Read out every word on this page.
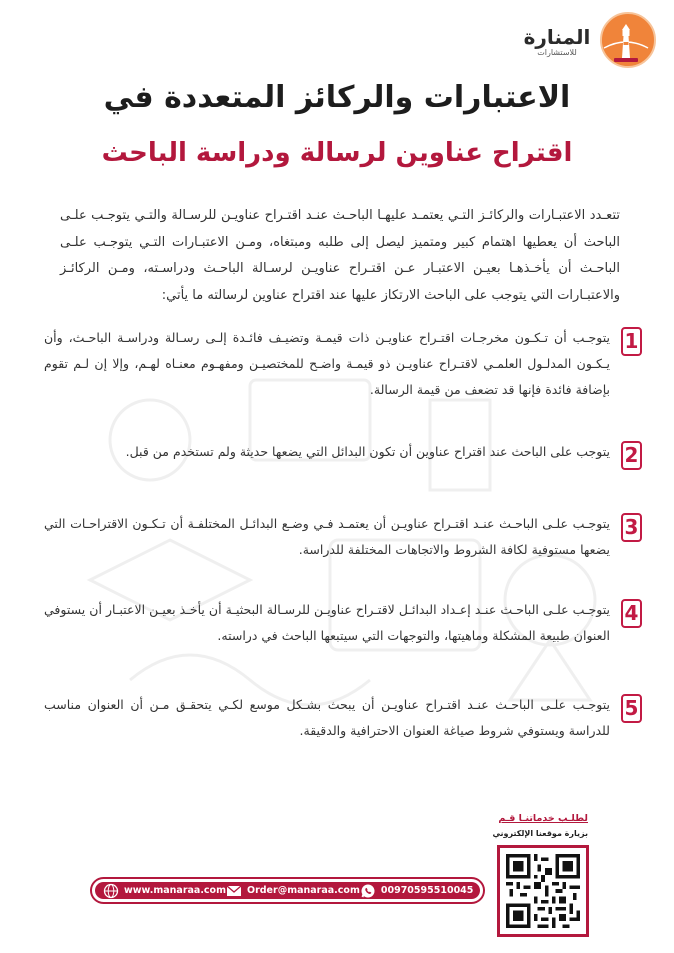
المنارة
للاستشارات
الاعتبارات والركائز المتعددة في
اقتراح عناوين لرسالة ودراسة الباحث

تتعـدد الاعتبـارات والركائـز التـي يعتمـد عليهـا الباحـث عنـد اقتـراح عناويـن للرسـالة والتـي يتوجـب علـى الباحث أن يعطيها اهتمام كبير ومتميز ليصل إلى طلبه ومبتغاه، ومـن الاعتبـارات التـي يتوجـب علـى الباحـث أن يأخـذهـا بعيـن الاعتبـار عـن اقتـراح عناويـن لرسـالة الباحـث ودراسـته، ومـن الركائـز والاعتبـارات التي يتوجب على الباحث الارتكاز عليها عند اقتراح عناوين لرسالته ما يأتي:

1

يتوجـب أن تـكـون مخرجـات اقتـراح عناويـن ذات قيمـة وتضيـف فائـدة إلـى رسـالة ودراسـة الباحـث، وأن يـكـون المدلـول العلمـي لاقتـراح عناويـن ذو قيمـة واضـح للمختصيـن ومفهـوم معنـاه لهـم، وإلا إن لـم تقوم بإضافة فائدة فإنها قد تضعف من قيمة الرسالة.

2

يتوجب على الباحث عند اقتراح عناوين أن تكون البدائل التي يضعها حديثة ولم تستخدم من قبل.

3

يتوجـب علـى الباحـث عنـد اقتـراح عناويـن أن يعتمـد فـي وضـع البدائـل المختلفـة أن تـكـون الاقتراحـات التي يضعها مستوفية لكافة الشروط والاتجاهات المختلفة للدراسة.

4

يتوجـب علـى الباحـث عنـد إعـداد البدائـل لاقتـراح عناويـن للرسـالة البحثيـة أن يأخـذ بعيـن الاعتبـار أن يستوفي العنوان طبيعة المشكلة وماهيتها، والتوجهات التي سيتبعها الباحث في دراسته.

5

يتوجـب علـى الباحـث عنـد اقتـراح عناويـن أن يبحث بشـكل موسع لكـي يتحقـق مـن أن العنوان مناسب للدراسة ويستوفي شروط صياغة العنوان الاحترافية والدقيقة.

لطلـب خدماتنـا قـم
بزيارة موقعنا الإلكتروني
www.manaraa.com Order@manaraa.com 00970595510045
